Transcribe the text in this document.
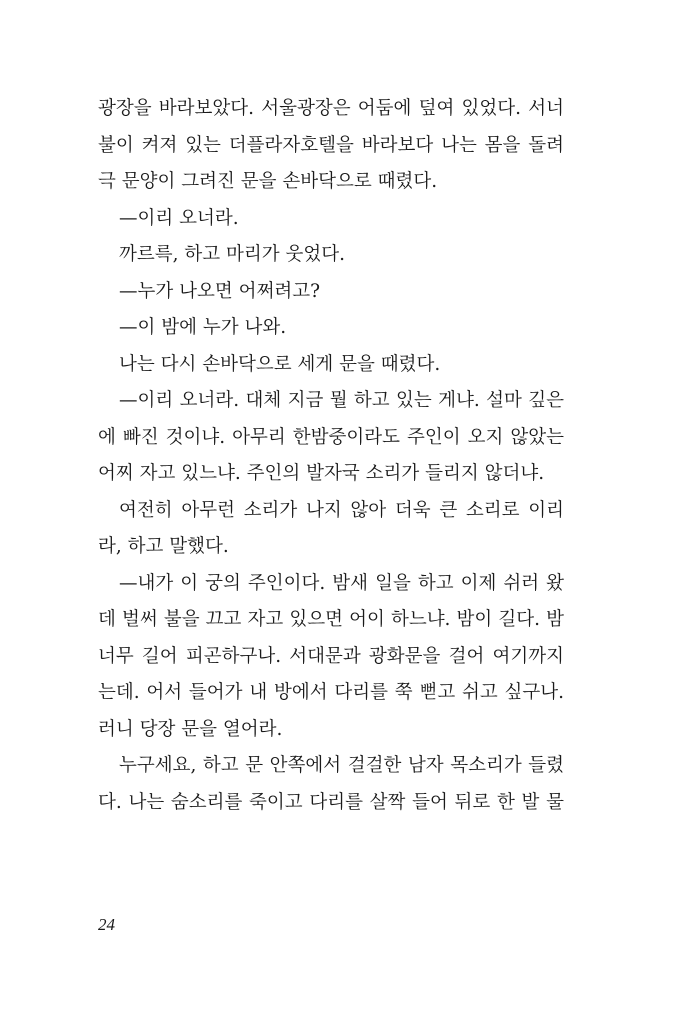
광장을 바라보았다. 서울광장은 어둠에 덮여 있었다. 서너
불이 켜져 있는 더플라자호텔을 바라보다 나는 몸을 돌려
극 문양이 그려진 문을 손바닥으로 때렸다.
—이리 오너라.
까르륵, 하고 마리가 웃었다.
—누가 나오면 어쩌려고?
—이 밤에 누가 나와.
나는 다시 손바닥으로 세게 문을 때렸다.
—이리 오너라. 대체 지금 뭘 하고 있는 게냐. 설마 깊은
에 빠진 것이냐. 아무리 한밤중이라도 주인이 오지 않았는
어찌 자고 있느냐. 주인의 발자국 소리가 들리지 않더냐.
여전히 아무런 소리가 나지 않아 더욱 큰 소리로 이리
라, 하고 말했다.
—내가 이 궁의 주인이다. 밤새 일을 하고 이제 쉬러 왔
데 벌써 불을 끄고 자고 있으면 어이 하느냐. 밤이 길다. 밤
너무 길어 피곤하구나. 서대문과 광화문을 걸어 여기까지
는데. 어서 들어가 내 방에서 다리를 쭉 뻗고 쉬고 싶구나.
러니 당장 문을 열어라.
누구세요, 하고 문 안쪽에서 걸걸한 남자 목소리가 들렸
다. 나는 숨소리를 죽이고 다리를 살짝 들어 뒤로 한 발 물
24
